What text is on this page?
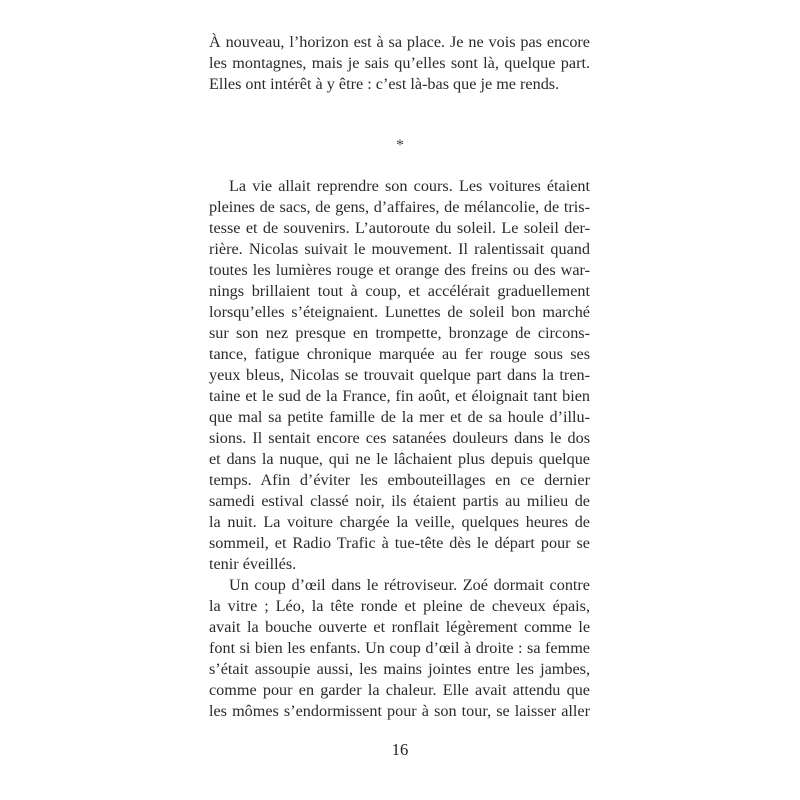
À nouveau, l’horizon est à sa place. Je ne vois pas encore
les montagnes, mais je sais qu’elles sont là, quelque part.
Elles ont intérêt à y être : c’est là-bas que je me rends.
*
La vie allait reprendre son cours. Les voitures étaient
pleines de sacs, de gens, d’affaires, de mélancolie, de tris-
tesse et de souvenirs. L’autoroute du soleil. Le soleil der-
rière. Nicolas suivait le mouvement. Il ralentissait quand
toutes les lumières rouge et orange des freins ou des war-
nings brillaient tout à coup, et accélérait graduellement
lorsqu’elles s’éteignaient. Lunettes de soleil bon marché
sur son nez presque en trompette, bronzage de circons-
tance, fatigue chronique marquée au fer rouge sous ses
yeux bleus, Nicolas se trouvait quelque part dans la tren-
taine et le sud de la France, fin août, et éloignait tant bien
que mal sa petite famille de la mer et de sa houle d’illu-
sions. Il sentait encore ces satanées douleurs dans le dos
et dans la nuque, qui ne le lâchaient plus depuis quelque
temps. Afin d’éviter les embouteillages en ce dernier
samedi estival classé noir, ils étaient partis au milieu de
la nuit. La voiture chargée la veille, quelques heures de
sommeil, et Radio Trafic à tue-tête dès le départ pour se
tenir éveillés.
Un coup d’œil dans le rétroviseur. Zoé dormait contre
la vitre ; Léo, la tête ronde et pleine de cheveux épais,
avait la bouche ouverte et ronflait légèrement comme le
font si bien les enfants. Un coup d’œil à droite : sa femme
s’était assoupie aussi, les mains jointes entre les jambes,
comme pour en garder la chaleur. Elle avait attendu que
les mômes s’endormissent pour à son tour, se laisser aller
16
